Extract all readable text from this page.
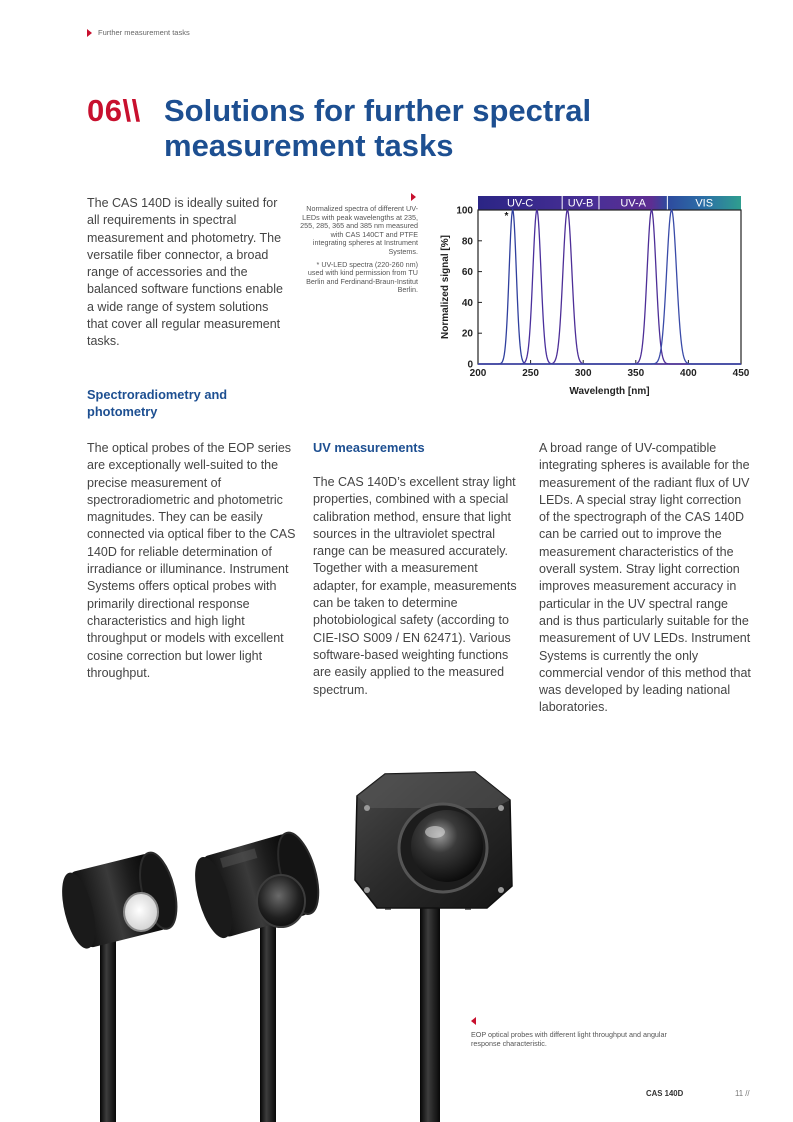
Further measurement tasks
06\\ Solutions for further spectral measurement tasks

The CAS 140D is ideally suited for all requirements in spectral measurement and photometry. The versatile fiber connector, a broad range of accessories and the balanced software functions enable a wide range of system solutions that cover all regular measurement tasks.

Normalized spectra of different UV-LEDs with peak wavelengths at 235, 255, 285, 365 and 385 nm measured with CAS 140CT and PTFE integrating spheres at Instrument Systems.

* UV-LED spectra (220-260 nm) used with kind permission from TU Berlin and Ferdinand-Braun-Institut Berlin.

UV-C	UV-B UV-A	VIS
0
20
40
60
80
100
200	250	300	350	400	450
Wavelength [nm]
Normalized signal [%]
*
Spectroradiometry and photometry

The optical probes of the EOP series are exceptionally well-suited to the precise measurement of spectroradiometric and photometric magnitudes. They can be easily connected via optical fiber to the CAS 140D for reliable determination of irradiance or illuminance. Instrument Systems offers optical probes with primarily directional response characteristics and high light throughput or models with excellent cosine correction but lower light throughput.

UV measurements

The CAS 140D’s excellent stray light properties, combined with a special calibration method, ensure that light sources in the ultraviolet spectral range can be measured accurately. Together with a measurement adapter, for example, measurements can be taken to determine photobiological safety (according to CIE-ISO S009 / EN 62471). Various software-based weighting functions are easily applied to the measured spectrum.

A broad range of UV-compatible integrating spheres is available for the measurement of the radiant flux of UV LEDs. A special stray light correction of the spectrograph of the CAS 140D can be carried out to improve the measurement characteristics of the overall system. Stray light correction improves measurement accuracy in particular in the UV spectral range and is thus particularly suitable for the measurement of UV LEDs. Instrument Systems is currently the only commercial vendor of this method that was developed by leading national laboratories.

EOP optical probes with different light throughput and angular response characteristic.
CAS 140D	11 //
